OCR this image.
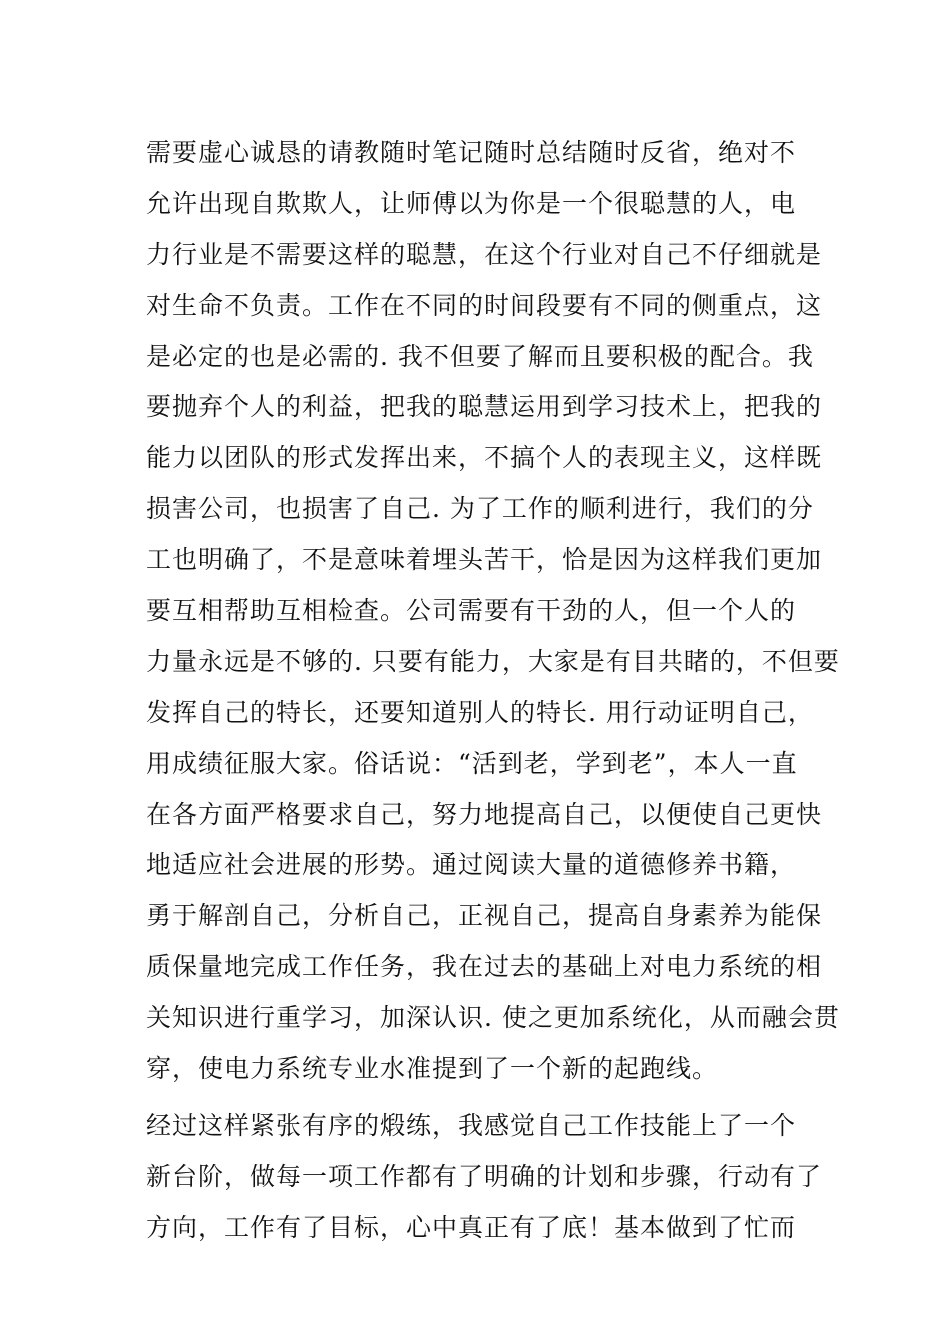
需要虚心诚恳的请教随时笔记随时总结随时反省，绝对不
允许出现自欺欺人，让师傅以为你是一个很聪慧的人，电
力行业是不需要这样的聪慧，在这个行业对自己不仔细就是
对生命不负责。工作在不同的时间段要有不同的侧重点，这
是必定的也是必需的. 我不但要了解而且要积极的配合。我
要抛弃个人的利益，把我的聪慧运用到学习技术上，把我的
能力以团队的形式发挥出来，不搞个人的表现主义，这样既
损害公司，也损害了自己. 为了工作的顺利进行，我们的分
工也明确了，不是意味着埋头苦干，恰是因为这样我们更加
要互相帮助互相检查。公司需要有干劲的人，但一个人的
力量永远是不够的. 只要有能力，大家是有目共睹的，不但要
发挥自己的特长，还要知道别人的特长. 用行动证明自己，
用成绩征服大家。俗话说：“活到老，学到老”，本人一直
在各方面严格要求自己，努力地提高自己，以便使自己更快
地适应社会进展的形势。通过阅读大量的道德修养书籍，
勇于解剖自己，分析自己，正视自己，提高自身素养为能保
质保量地完成工作任务，我在过去的基础上对电力系统的相
关知识进行重学习，加深认识. 使之更加系统化，从而融会贯
穿，使电力系统专业水准提到了一个新的起跑线。
经过这样紧张有序的煅练，我感觉自己工作技能上了一个
新台阶，做每一项工作都有了明确的计划和步骤，行动有了
方向，工作有了目标，心中真正有了底！基本做到了忙而
